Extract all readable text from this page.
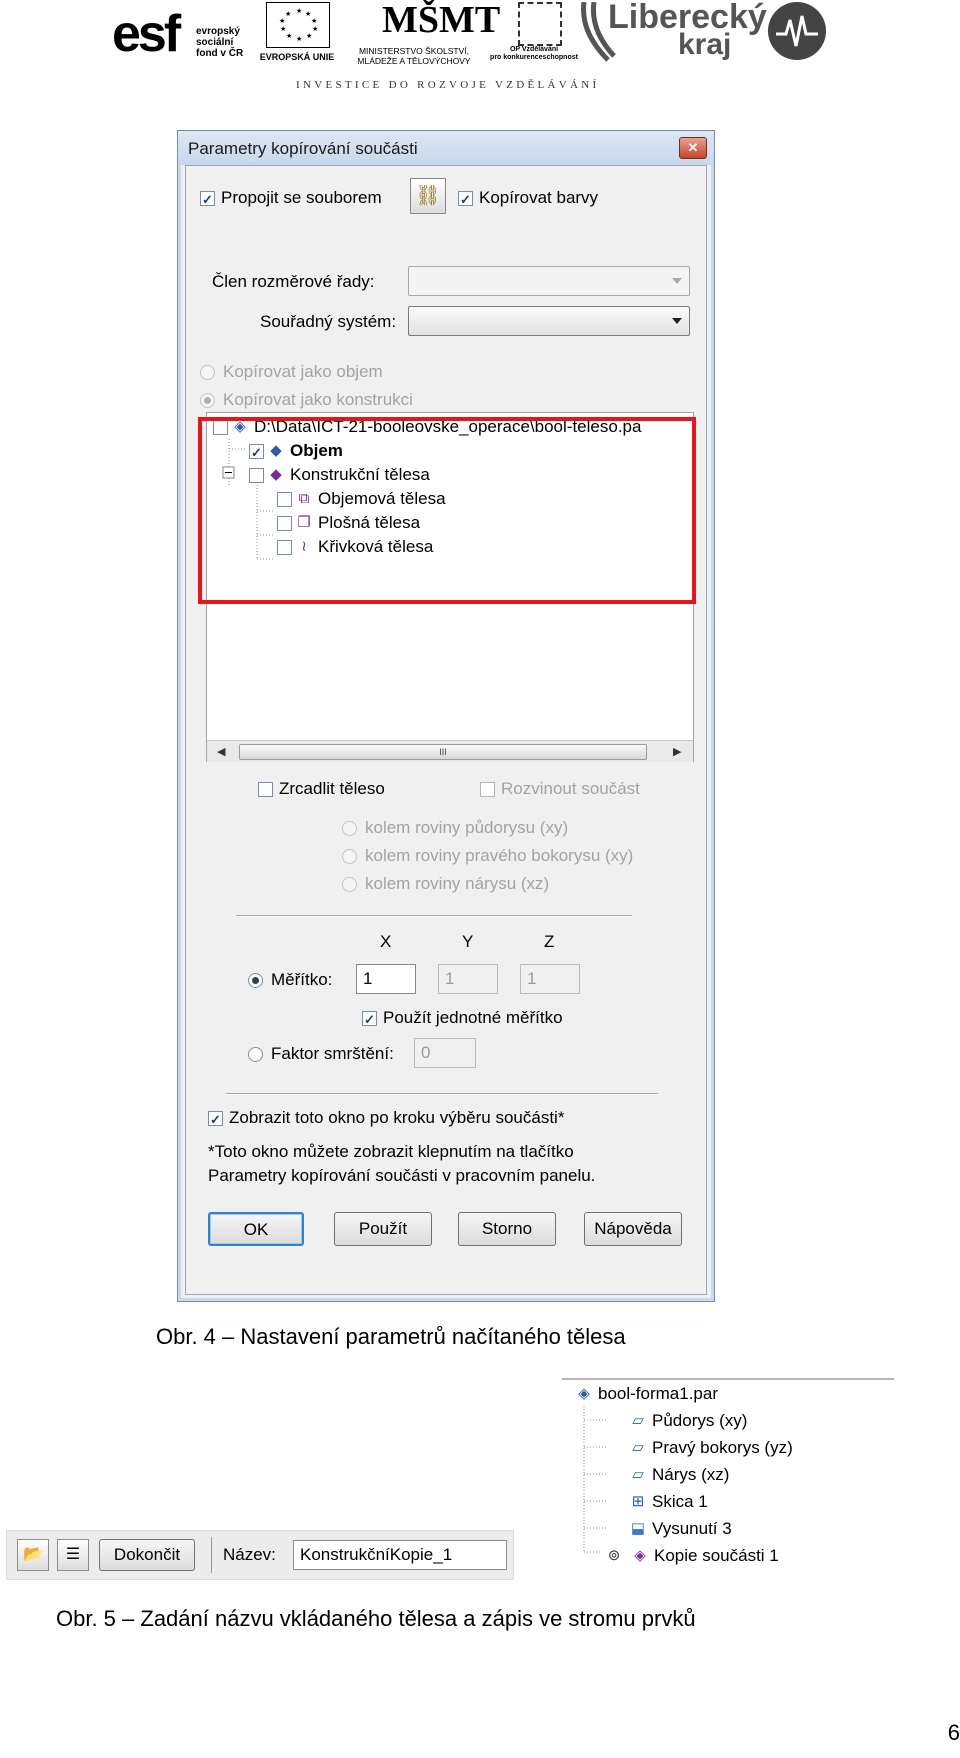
esf evropský
sociální
fond v ČR
★ ★
★
★
★
★
★
★
★
★
EVROPSKÁ UNIE
MŠMT
MINISTERSTVO ŠKOLSTVÍ,
MLÁDEŽE A TĚLOVÝCHOVY
OP Vzdělávání
pro konkurenceschopnost
Liberecký
kraj
INVESTICE DO ROZVOJE VZDĚLÁVÁNÍ
Parametry kopírování součásti	✕
✓ Propojit se souborem ⛓	✓ Kopírovat barvy
Člen rozměrové řady:
Souřadný systém:
Kopírovat jako objem
Kopírovat jako konstrukci
◈ D:\Data\ICT-21-booleovske_operace\bool-teleso.pa
✓ ◆ Objem
◆ Konstrukční tělesa
⧉ Objemová tělesa
❐ Plošná tělesa
≀ Křivková tělesa
◀	III	▶
Zrcadlit těleso	Rozvinout součást
kolem roviny půdorysu (xy)
kolem roviny pravého bokorysu (xy)
kolem roviny nárysu (xz)
X	Y	Z
Měřítko:	1	1	1
✓ Použít jednotné měřítko
Faktor smrštění:	0
✓ Zobrazit toto okno po kroku výběru součásti*
*Toto okno můžete zobrazit klepnutím na tlačítko
Parametry kopírování součásti v pracovním panelu.
OK	Použít	Storno	Nápověda
Obr. 4 – Nastavení parametrů načítaného tělesa
◈ bool-forma1.par
▱ Půdorys (xy)
▱ Pravý bokorys (yz)
▱ Nárys (xz)
⊞ Skica 1
⬓ Vysunutí 3
⊚ ◈ Kopie součásti 1
📂	☰	Dokončit	Název:	KonstrukčníKopie_1
Obr. 5 – Zadání názvu vkládaného tělesa a zápis ve stromu prvků
6
